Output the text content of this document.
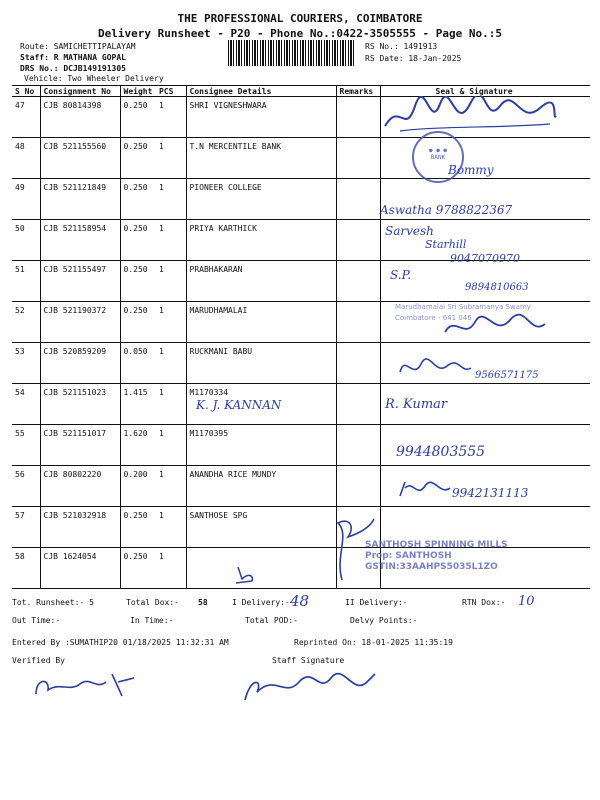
THE PROFESSIONAL COURIERS, COIMBATORE
Delivery Runsheet - P20 - Phone No.:0422-3505555 - Page No.:5
Route: SAMICHETTIPALAYAM
Staff: R MATHANA GOPAL
DRS No.: DCJB149191305
Vehicle: Two Wheeler Delivery
RS No.: 1491913
RS Date: 18-Jan-2025
S No	Consignment No	Weight	PCS	Consignee Details	Remarks	Seal & Signature
47	CJB 80814398	0.250	1	SHRI VIGNESHWARA		
48	CJB 521155560	0.250	1	T.N MERCENTILE BANK		
49	CJB 521121849	0.250	1	PIONEER COLLEGE		
50	CJB 521158954	0.250	1	PRIYA KARTHICK		
51	CJB 521155497	0.250	1	PRABHAKARAN		
52	CJB 521190372	0.250	1	MARUDHAMALAI		
53	CJB 520859209	0.050	1	RUCKMANI BABU		
54	CJB 521151023	1.415	1	M1170334		
55	CJB 521151017	1.620	1	M1170395		
56	CJB 80802220	0.200	1	ANANDHA RICE MUNDY		
57	CJB 521032918	0.250	1	SANTHOSE SPG		
58	CJB 1624054	0.250	1			
● ● ●
BANK
Bommy
Aswatha 9788822367
Sarvesh
Starhill
9047070970
S.P.
9894810663
Marudhamalai Sri Subramanya Swamy
Coimbatore - 641 046
9566571175
K. J. KANNAN	R. Kumar
9944803555
9942131113
SANTHOSH SPINNING MILLS
Prop: SANTHOSH
GSTIN:33AAHPS5035L1ZO
Tot. Runsheet:- 5	Total Dox:- 58	I Delivery:- 48	II Delivery:-	RTN Dox:- 10
Out Time:-	In Time:-	Total POD:-	Delvy Points:-
Entered By :SUMATHIP20 01/18/2025 11:32:31 AM	Reprinted On: 18-01-2025 11:35:19
Verified By	Staff Signature
